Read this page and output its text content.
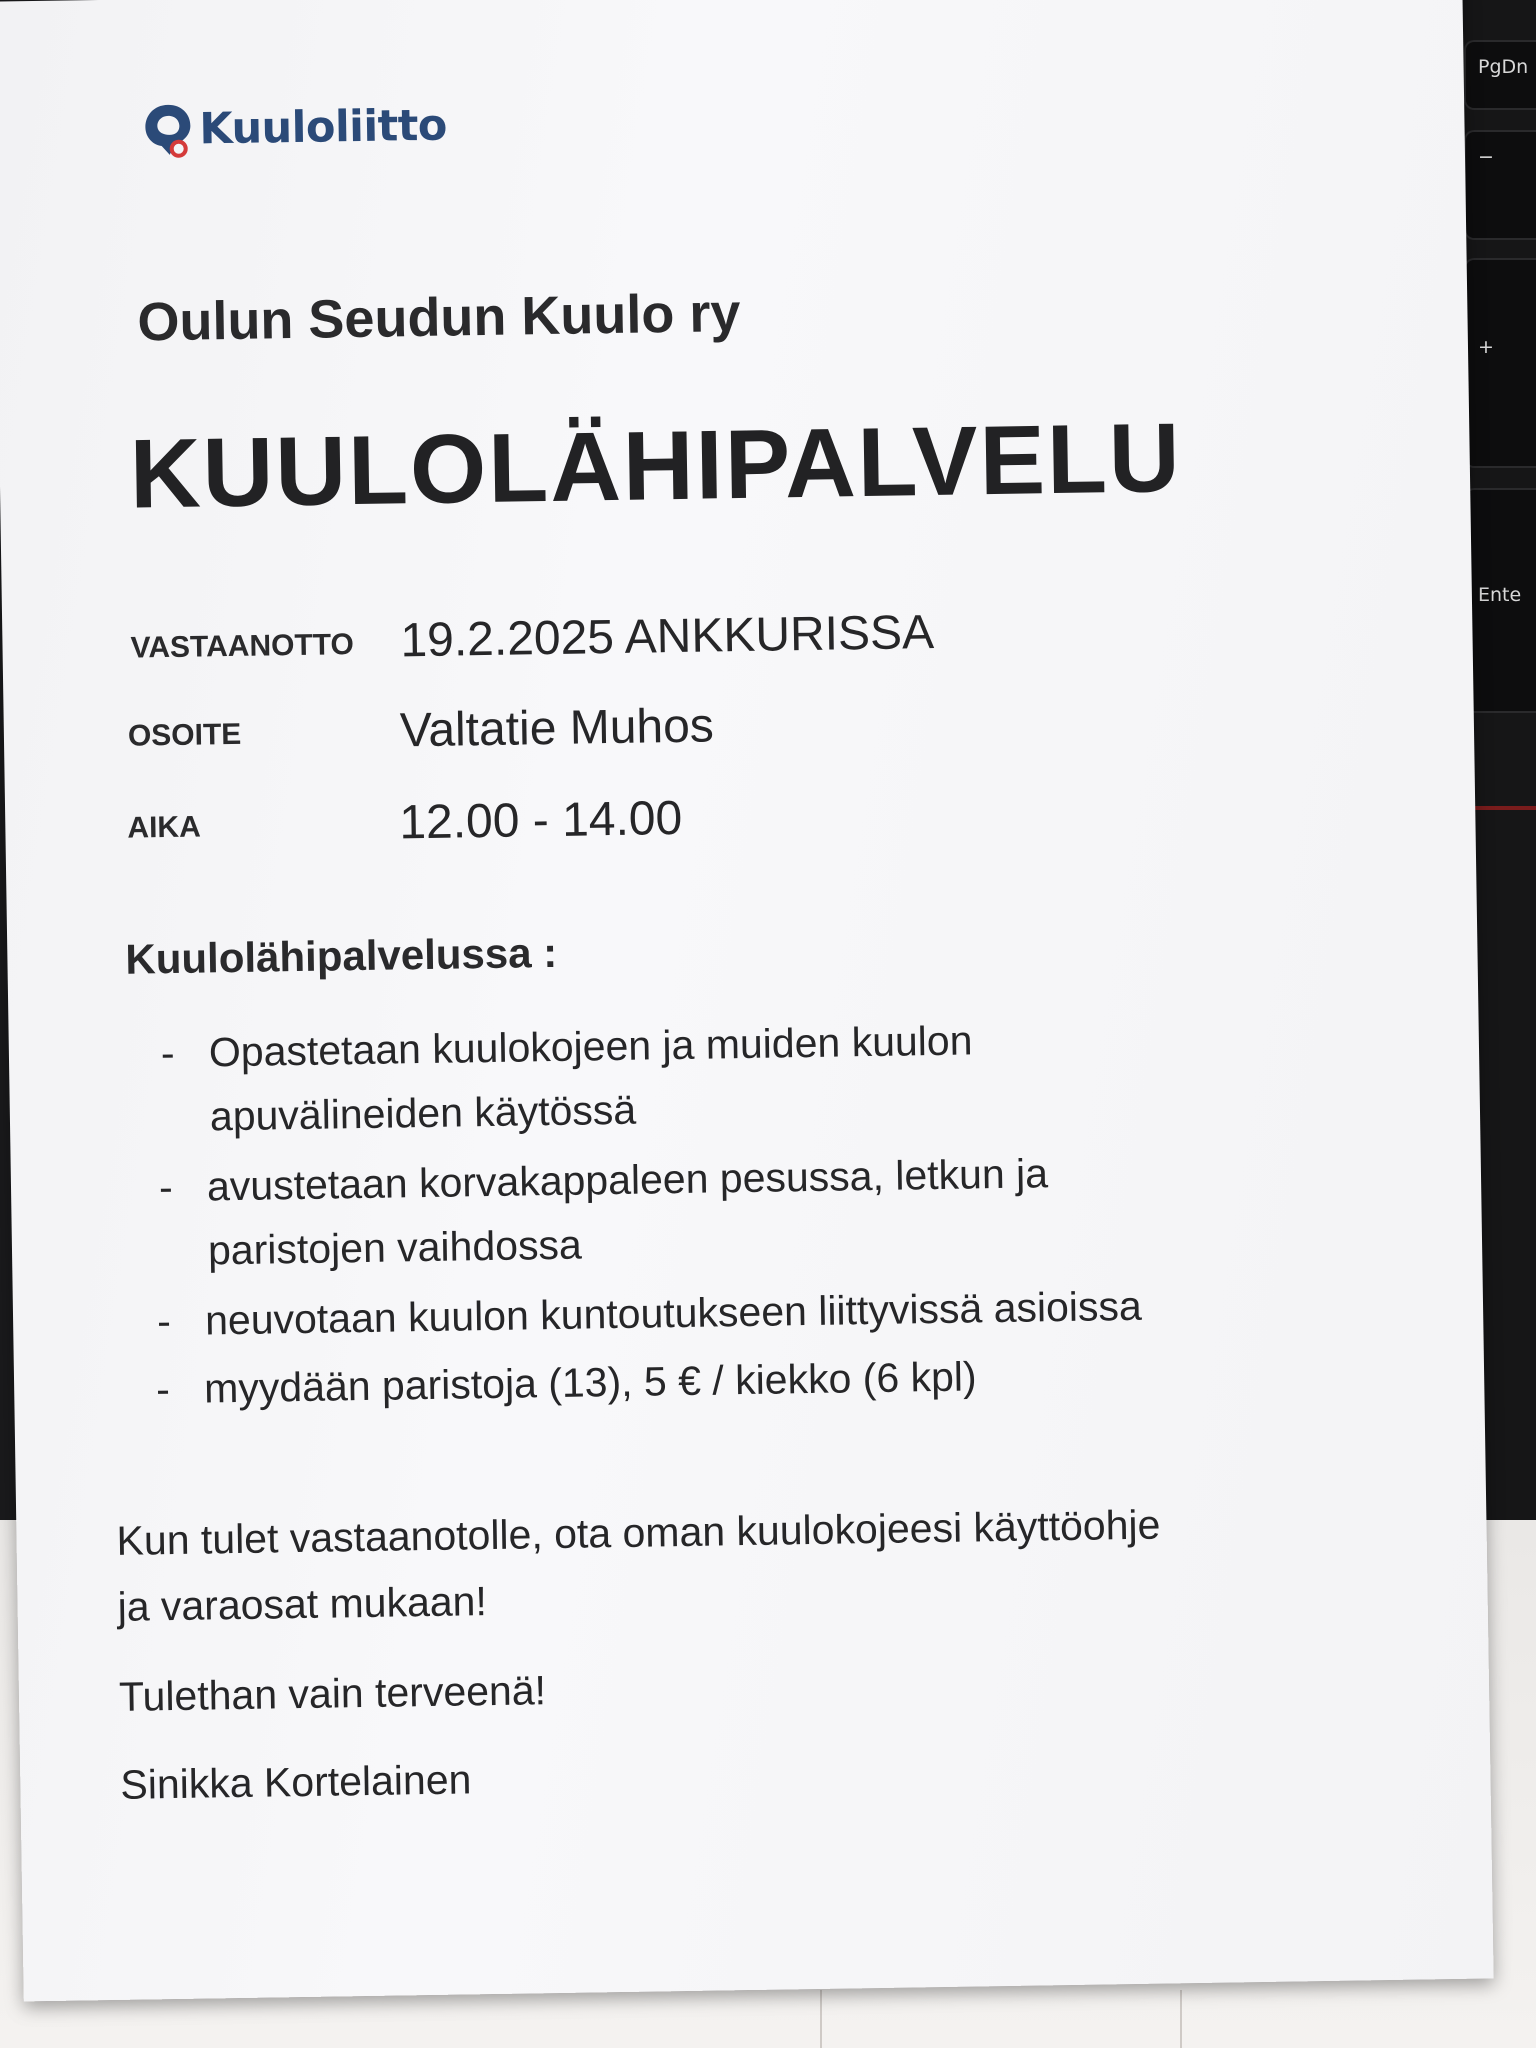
PgDn
−
+
Ente
Kuuloliitto
Oulun Seudun Kuulo ry
KUULOLÄHIPALVELU
VASTAANOTTO 19.2.2025 ANKKURISSA
OSOITE	Valtatie Muhos
AIKA	12.00 - 14.00
Kuulolähipalvelussa :
- Opastetaan kuulokojeen ja muiden kuulon
apuvälineiden käytössä
- avustetaan korvakappaleen pesussa, letkun ja
paristojen vaihdossa
- neuvotaan kuulon kuntoutukseen liittyvissä asioissa
- myydään paristoja (13), 5 € / kiekko (6 kpl)
Kun tulet vastaanotolle, ota oman kuulokojeesi käyttöohje
ja varaosat mukaan!
Tulethan vain terveenä!
Sinikka Kortelainen
